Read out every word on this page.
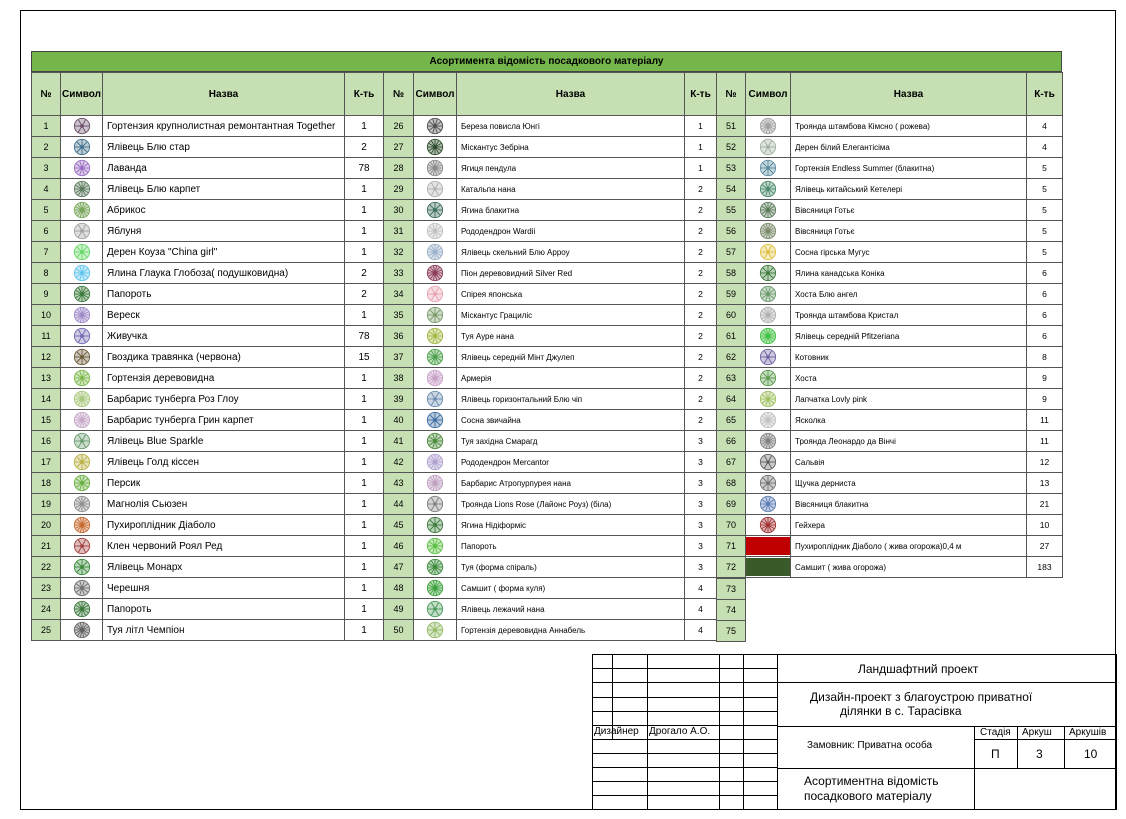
Асортимента відомість посадкового матеріалу
№	Символ	Назва	К-ть
1		Гортензия крупнолистная ремонтантная Together	1
2		Ялівець Блю стар	2
3		Лаванда	78
4		Ялівець Блю карпет	1
5		Абрикос	1
6		Яблуня	1
7		Дерен Коуза "China girl"	1
8		Ялина Глаука Глобоза( подушковидна)	2
9		Папороть	2
10		Вереск	1
11		Живучка	78
12		Гвоздика травянка (червона)	15
13		Гортензія деревовидна	1
14		Барбарис тунберга Роз Глоу	1
15		Барбарис тунберга Грин карпет	1
16		Ялівець Blue Sparkle	1
17		Ялівець Голд кіссен	1
18		Персик	1
19		Магнолія Сьюзен	1
20		Пухироплідник Діаболо	1
21		Клен червоний Роял Ред	1
22		Ялівець Монарх	1
23		Черешня	1
24		Папороть	1
25		Туя літл Чемпіон	1
№	Символ	Назва	К-ть
26		Береза повисла Юнгі	1
27		Міскантус Зебріна	1
28		Ягиця пендула	1
29		Катальпа нана	2
30		Ягина блакитна	2
31		Рододендрон Wardii	2
32		Ялівець скельний Блю Арроу	2
33		Піон деревовидний Silver Red	2
34		Спірея японська	2
35		Міскантус Грациліс	2
36		Туя Ауре нана	2
37		Ялівець середній Мінт Джулеп	2
38		Армерія	2
39		Ялівець горизонтальний Блю чіп	2
40		Сосна звичайна	2
41		Туя західна Смарагд	3
42		Рододендрон Mercantor	3
43		Барбарис Атропурпурея нана	3
44		Троянда Lions Rose (Лайонс Роуз) (біла)	3
45		Ягина Нідіформіс	3
46		Папороть	3
47		Туя (форма спіраль)	3
48		Самшит ( форма куля)	4
49		Ялівець лежачий нана	4
50		Гортензія деревовидна Аннабель	4
№	Символ	Назва	К-ть
51		Троянда штамбова Кімсно ( рожева)	4
52		Дерен білий Елегантісіма	4
53		Гортензія Endless Summer (блакитна)	5
54		Ялівець китайський Кетелері	5
55		Вівсяниця Готьє	5
56		Вівсяниця Готьє	5
57		Сосна гірська Мугус	5
58		Ялина канадська Коніка	6
59		Хоста Блю ангел	6
60		Троянда штамбова Кристал	6
61		Ялівець середній Pfitzeriana	6
62		Котовник	8
63		Хоста	9
64		Лапчатка Lovly pink	9
65		Ясколка	11
66		Троянда Леонардо да Вінчі	11
67		Сальвія	12
68		Щучка дерниста	13
69		Вівсяниця блакитна	21
70		Гейхера	10
71		Пухироплідник Діаболо ( жива огорожа)0,4 м	27
72		Самшит ( жива огорожа)	183
Дизайнер Дрогало А.О.
Ландшафтний проект
Дизайн-проект з благоустрою приватної
ділянки в с. Тарасівка
Замовник: Приватна особа
Стадія Аркуш Аркушів
П	3	10
Асортиментна відомість
посадкового матеріалу
73
74
75
